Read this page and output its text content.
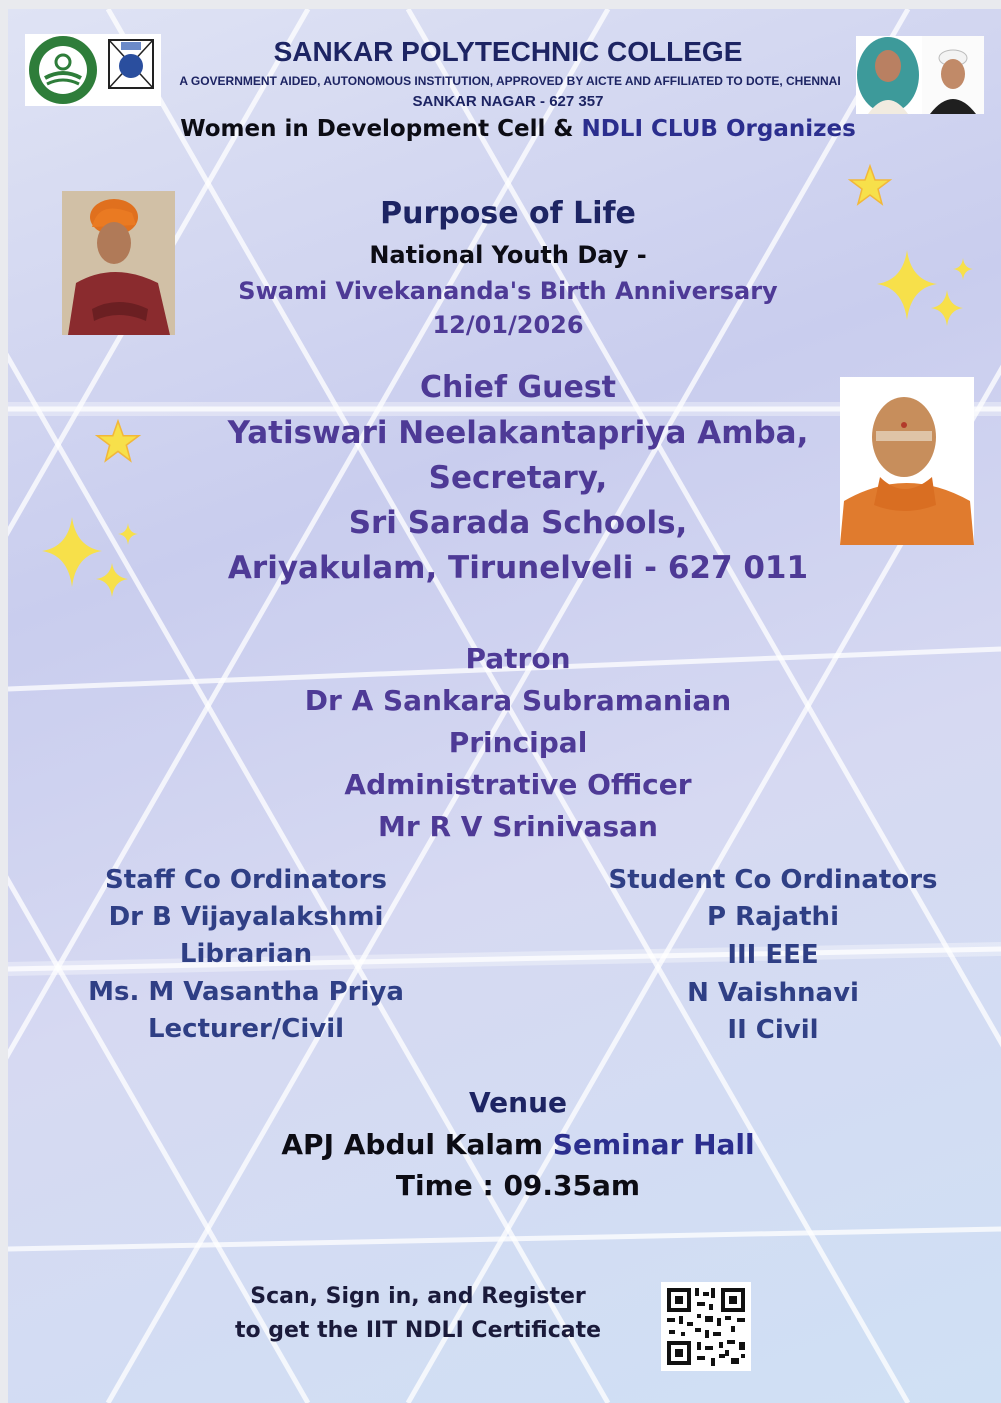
SANKAR POLYTECHNIC COLLEGE
A GOVERNMENT AIDED, AUTONOMOUS INSTITUTION, APPROVED BY AICTE AND AFFILIATED TO DOTE, CHENNAI
SANKAR NAGAR - 627 357
Women in Development Cell & NDLI CLUB Organizes
Purpose of Life
National Youth Day -
Swami Vivekananda's Birth Anniversary
12/01/2026
Chief Guest
Yatiswari Neelakantapriya Amba,
Secretary,
Sri Sarada Schools,
Ariyakulam, Tirunelveli - 627 011
Patron
Dr A Sankara Subramanian
Principal
Administrative Officer
Mr R V Srinivasan
Staff Co Ordinators
Dr B Vijayalakshmi
Librarian
Ms. M Vasantha Priya
Lecturer/Civil
Student Co Ordinators
P Rajathi
III EEE
N Vaishnavi
II Civil
Venue
APJ Abdul Kalam Seminar Hall
Time : 09.35am
Scan, Sign in, and Register
to get the IIT NDLI Certificate
